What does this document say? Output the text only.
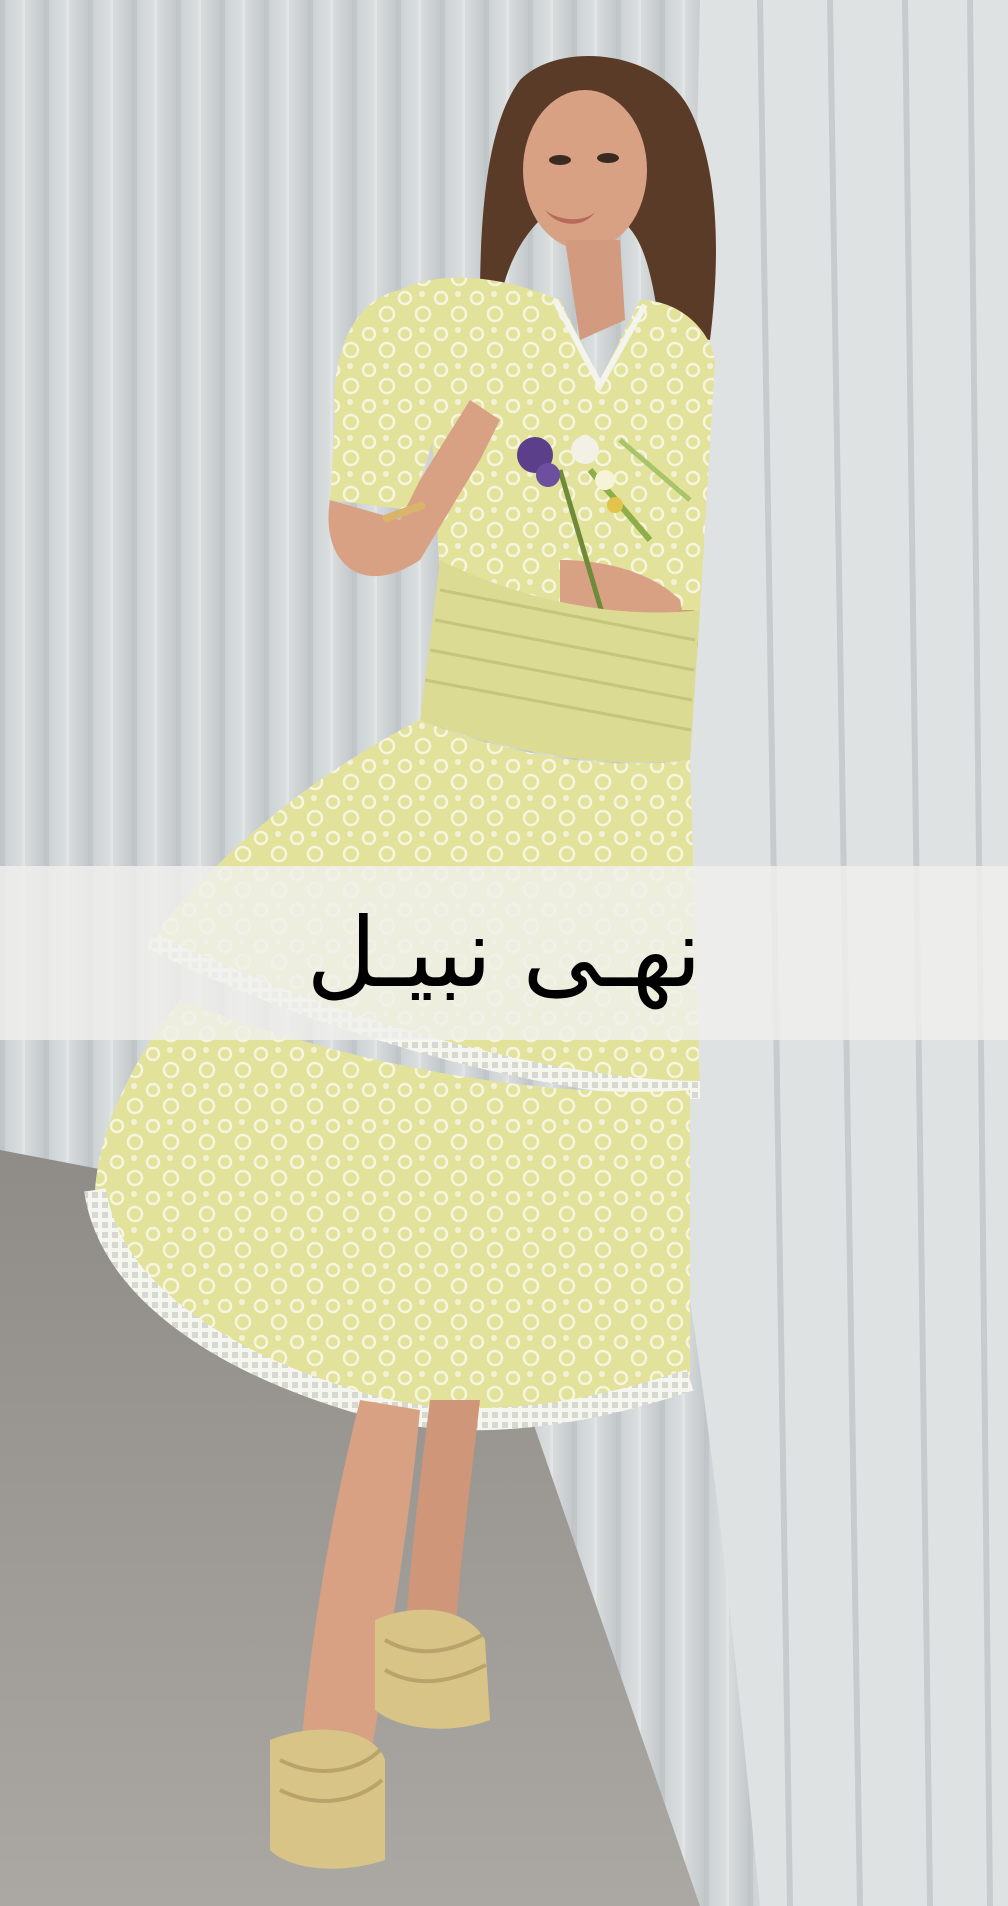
نهـى نبيـل
